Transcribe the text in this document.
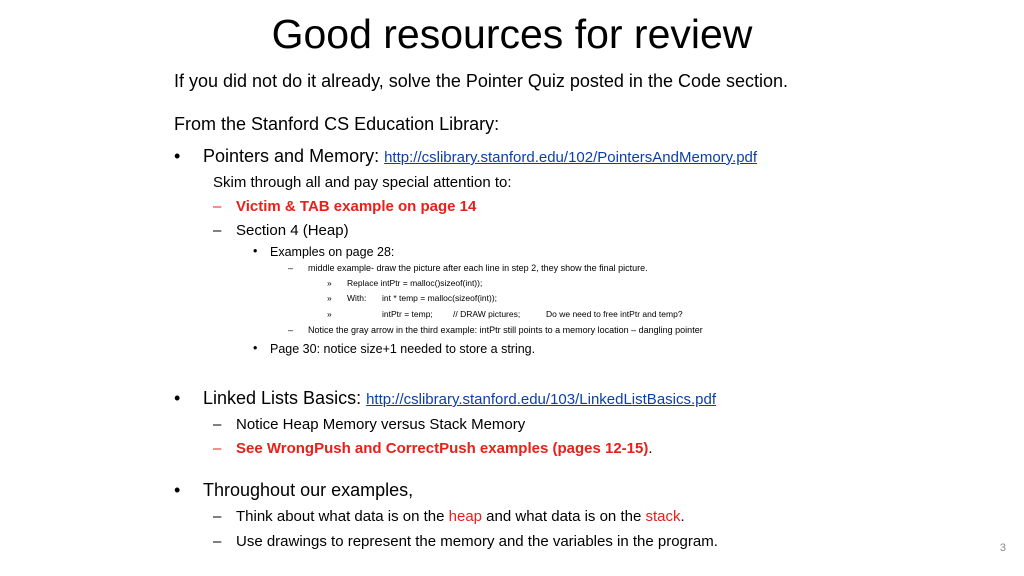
Good resources for review
If you did not do it already, solve the Pointer Quiz posted in the Code section.
From the Stanford CS Education Library:
• Pointers and Memory: http://cslibrary.stanford.edu/102/PointersAndMemory.pdf
Skim through all and pay special attention to:
– Victim & TAB example on page 14
– Section 4 (Heap)
• Examples on page 28:
– middle example- draw the picture after each line in step 2, they show the final picture.
» Replace intPtr = malloc()sizeof(int));
» With: int * temp = malloc(sizeof(int));
»	intPtr = temp; // DRAW pictures;	Do we need to free intPtr and temp?
– Notice the gray arrow in the third example: intPtr still points to a memory location – dangling pointer
• Page 30: notice size+1 needed to store a string.
• Linked Lists Basics: http://cslibrary.stanford.edu/103/LinkedListBasics.pdf
– Notice Heap Memory versus Stack Memory
– See WrongPush and CorrectPush examples (pages 12-15).
• Throughout our examples,
– Think about what data is on the heap and what data is on the stack.
– Use drawings to represent the memory and the variables in the program.	3
